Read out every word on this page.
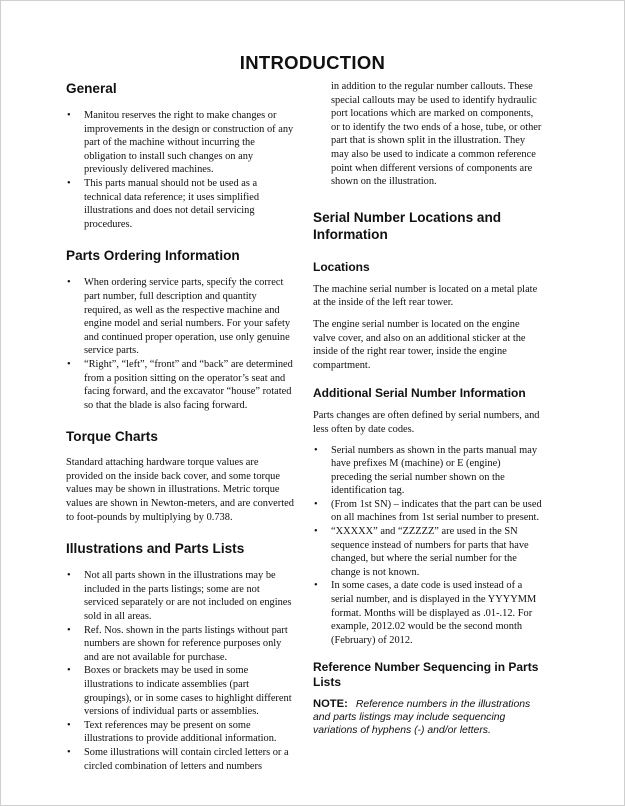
INTRODUCTION
General
• Manitou reserves the right to make changes or improvements in the design or construction of any part of the machine without incurring the obligation to install such changes on any previously delivered machines.
• This parts manual should not be used as a technical data reference; it uses simplified illustrations and does not detail servicing procedures.
Parts Ordering Information
• When ordering service parts, specify the correct part number, full description and quantity required, as well as the respective machine and engine model and serial numbers. For your safety and continued proper operation, use only genuine service parts.
• “Right”, “left”, “front” and “back” are determined from a position sitting on the operator’s seat and facing forward, and the excavator “house” rotated so that the blade is also facing forward.
Torque Charts

Standard attaching hardware torque values are provided on the inside back cover, and some torque values may be shown in illustrations. Metric torque values are shown in Newton-meters, and are converted to foot-pounds by multiplying by 0.738.

Illustrations and Parts Lists
• Not all parts shown in the illustrations may be included in the parts listings; some are not serviced separately or are not included on engines sold in all areas.
• Ref. Nos. shown in the parts listings without part numbers are shown for reference purposes only and are not available for purchase.
• Boxes or brackets may be used in some illustrations to indicate assemblies (part groupings), or in some cases to highlight different versions of individual parts or assemblies.
• Text references may be present on some illustrations to provide additional information.
• Some illustrations will contain circled letters or a circled combination of letters and numbers

in addition to the regular number callouts. These special callouts may be used to identify hydraulic port locations which are marked on components, or to identify the two ends of a hose, tube, or other part that is shown split in the illustration. They may also be used to indicate a common reference point when different versions of components are shown on the illustration.

Serial Number Locations and Information
Locations

The machine serial number is located on a metal plate at the inside of the left rear tower.

The engine serial number is located on the engine valve cover, and also on an additional sticker at the inside of the right rear tower, inside the engine compartment.

Additional Serial Number Information

Parts changes are often defined by serial numbers, and less often by date codes.

• Serial numbers as shown in the parts manual may have prefixes M (machine) or E (engine) preceding the serial number shown on the identification tag.
• (From 1st SN) – indicates that the part can be used on all machines from 1st serial number to present.
• “XXXXX” and “ZZZZZ” are used in the SN sequence instead of numbers for parts that have changed, but where the serial number for the change is not known.
• In some cases, a date code is used instead of a serial number, and is displayed in the YYYYMM format. Months will be displayed as .01-.12. For example, 2012.02 would be the second month (February) of 2012.
Reference Number Sequencing in Parts Lists

NOTE: Reference numbers in the illustrations and parts listings may include sequencing variations of hyphens (-) and/or letters.
